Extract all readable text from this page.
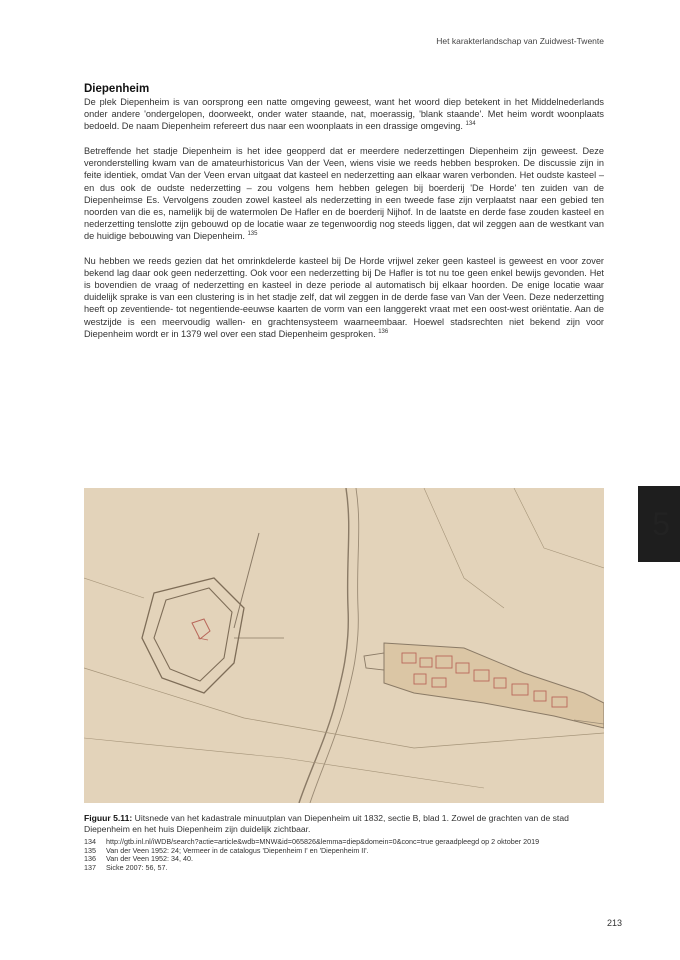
Het karakterlandschap van Zuidwest-Twente
Diepenheim

De plek Diepenheim is van oorsprong een natte omgeving geweest, want het woord diep betekent in het Middelnederlands onder andere 'ondergelopen, doorweekt, onder water staande, nat, moerassig, 'blank staande'. Met heim wordt woonplaats bedoeld. De naam Diepenheim refereert dus naar een woonplaats in een drassige omgeving. $^{134}$

Betreffende het stadje Diepenheim is het idee geopperd dat er meerdere nederzettingen Diepenheim zijn geweest. Deze veronderstelling kwam van de amateurhistoricus Van der Veen, wiens visie we reeds hebben besproken. De discussie zijn in feite identiek, omdat Van der Veen ervan uitgaat dat kasteel en nederzetting aan elkaar waren verbonden. Het oudste kasteel – en dus ook de oudste nederzetting – zou volgens hem hebben gelegen bij boerderij 'De Horde' ten zuiden van de Diepenheimse Es. Vervolgens zouden zowel kasteel als nederzetting in een tweede fase zijn verplaatst naar een gebied ten noorden van die es, namelijk bij de watermolen De Hafler en de boerderij Nijhof. In de laatste en derde fase zouden kasteel en nederzetting tenslotte zijn gebouwd op de locatie waar ze tegenwoordig nog steeds liggen, dat wil zeggen aan de westkant van de huidige bebouwing van Diepenheim. $^{135}$

Nu hebben we reeds gezien dat het omrinkdelerde kasteel bij De Horde vrijwel zeker geen kasteel is geweest en voor zover bekend lag daar ook geen nederzetting. Ook voor een nederzetting bij De Hafler is tot nu toe geen enkel bewijs gevonden. Het is bovendien de vraag of nederzetting en kasteel in deze periode al automatisch bij elkaar hoorden. De enige locatie waar duidelijk sprake is van een clustering is in het stadje zelf, dat wil zeggen in de derde fase van Van der Veen. Deze nederzetting heeft op zeventiende- tot negentiende-eeuwse kaarten de vorm van een langgerekt vraat met een oost-west oriëntatie. Aan de westzijde is een meervoudig wallen- en grachtensysteem waarneembaar. Hoewel stadsrechten niet bekend zijn voor Diepenheim wordt er in 1379 wel over een stad Diepenheim gesproken. $^{136}$

Figuur 5.11: Uitsnede van het kadastrale minuutplan van Diepenheim uit 1832, sectie B, blad 1. Zowel de grachten van de stad Diepenheim en het huis Diepenheim zijn duidelijk zichtbaar.
134	http://gtb.inl.nl/iWDB/search?actie=article&wdb=MNW&id=065826&lemma=diep&domein=0&conc=true geraadpleegd op 2 oktober 2019
135	Van der Veen 1952: 24; Vermeer in de catalogus 'Diepenheim I' en 'Diepenheim II'.
136	Van der Veen 1952: 34, 40.
137	Sicke 2007: 56, 57.
5
213
